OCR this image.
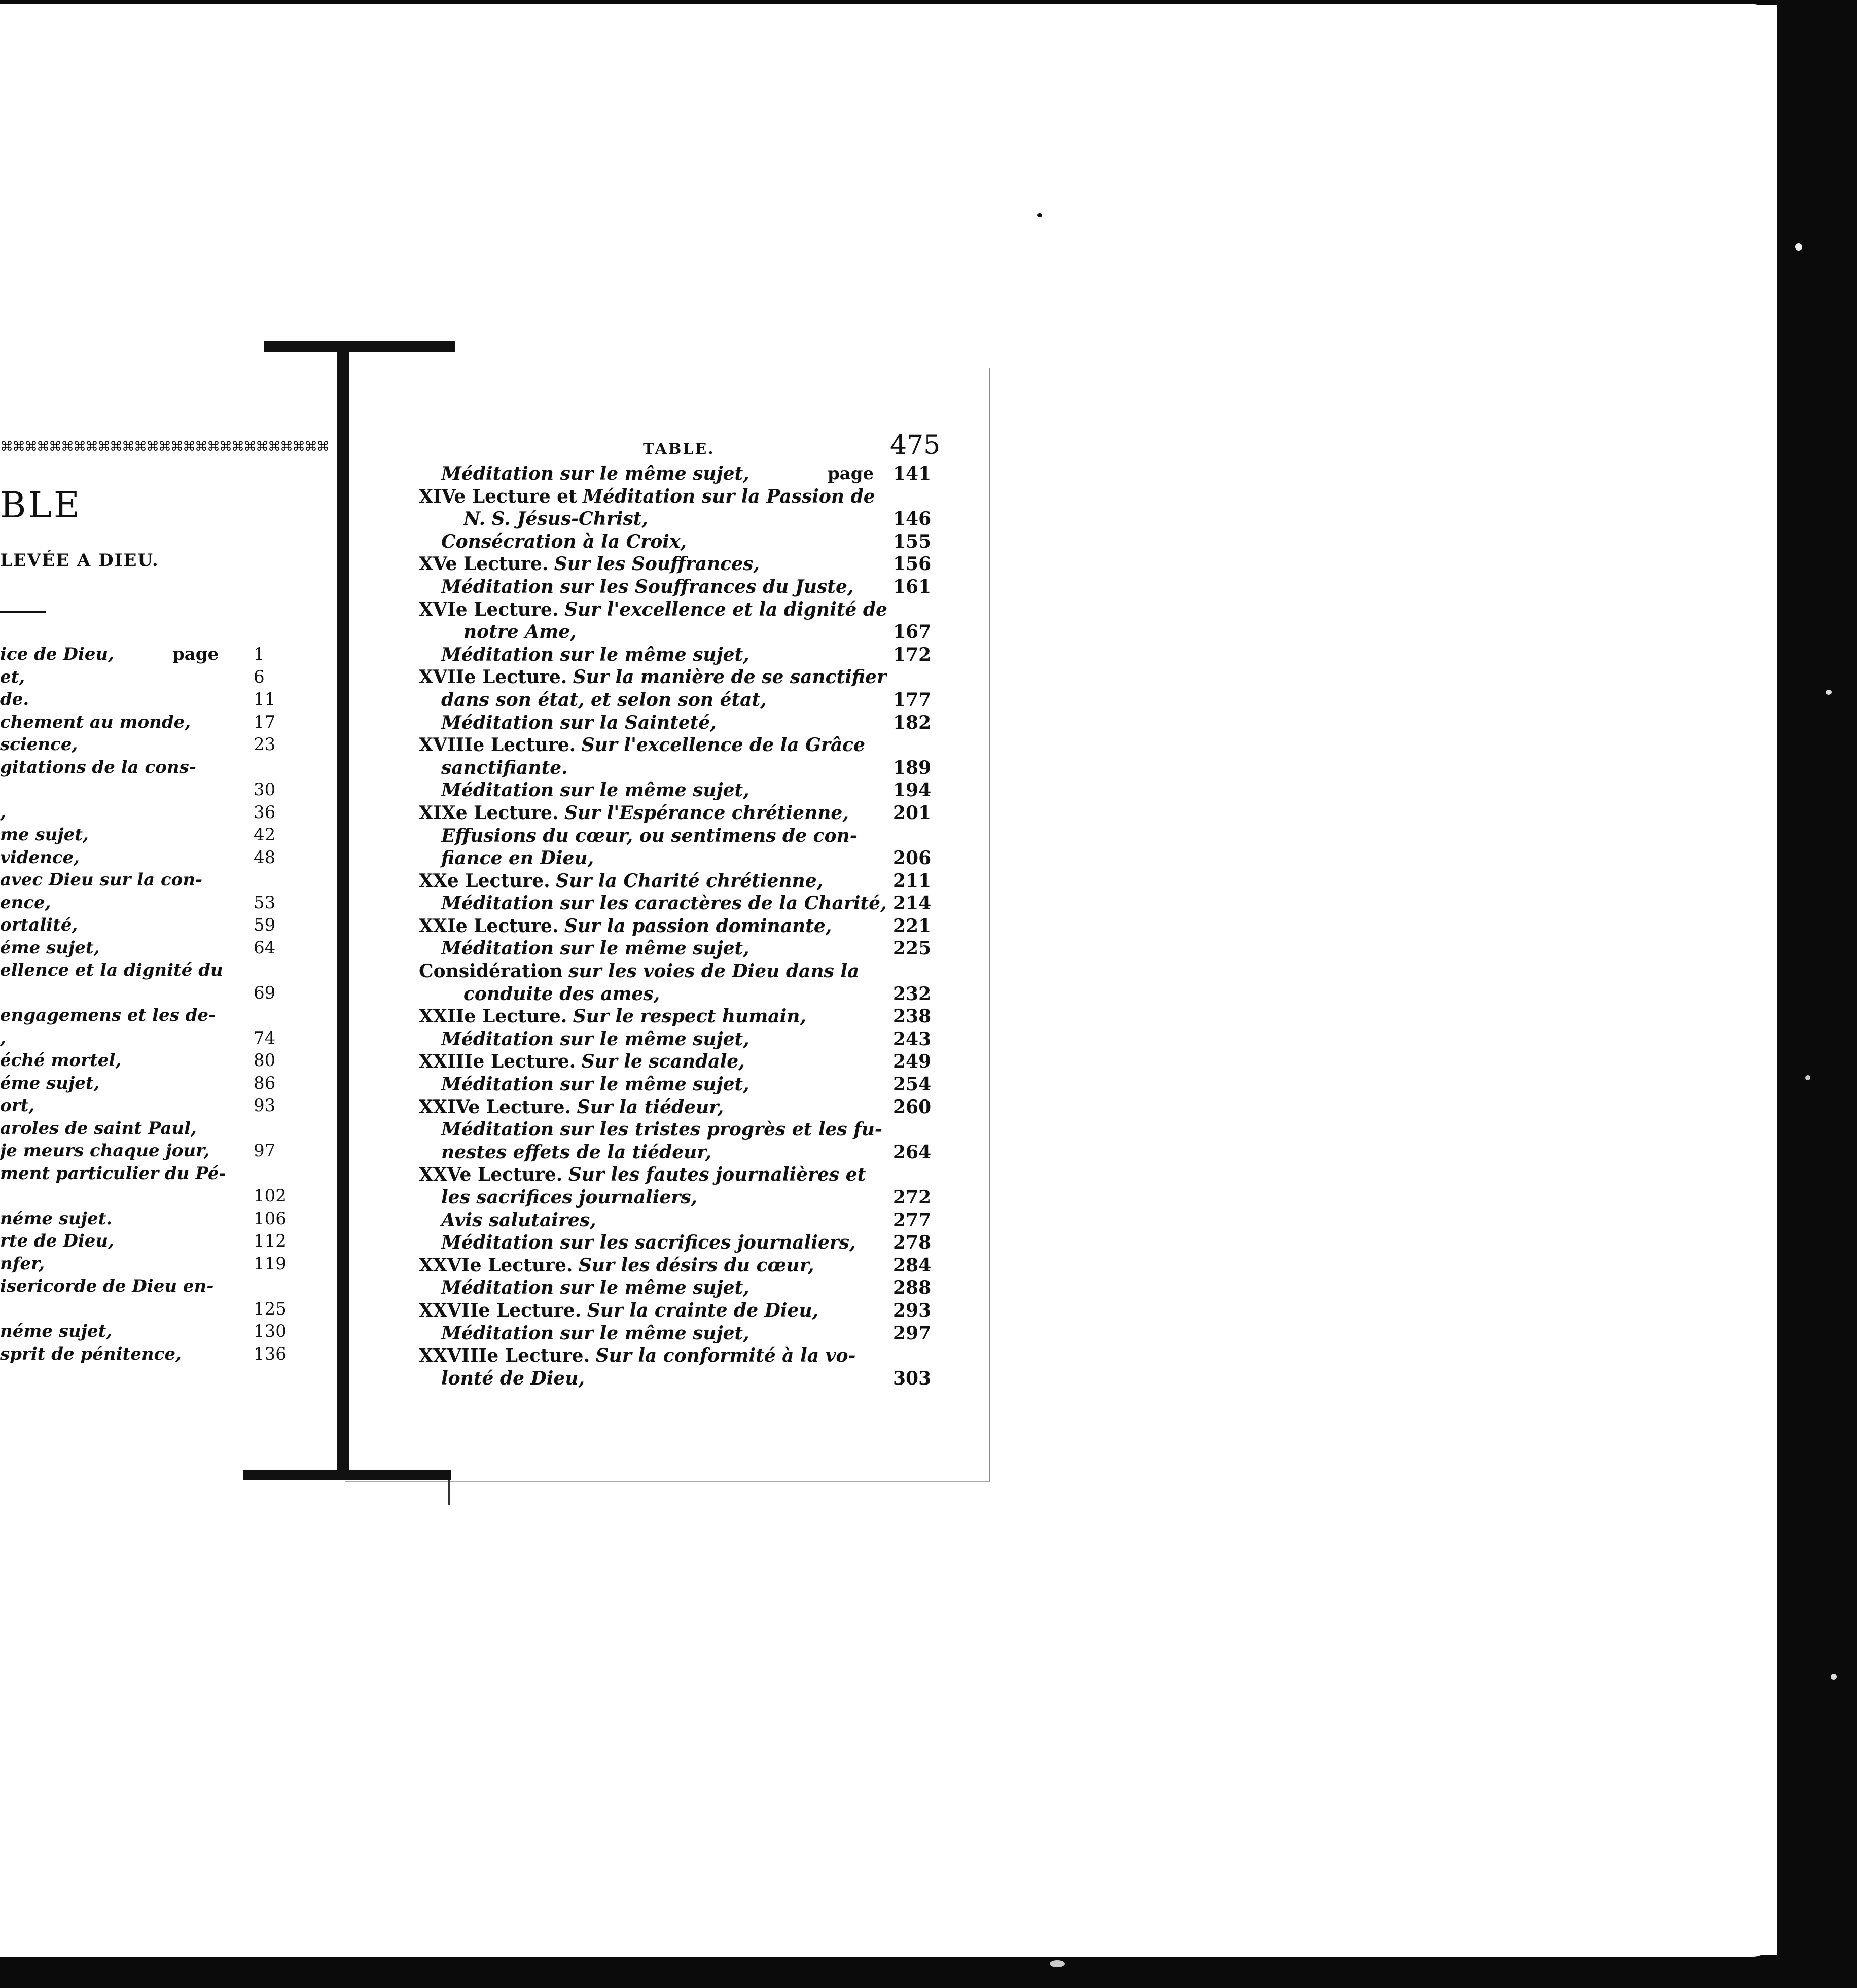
⌘⌘⌘⌘⌘⌘⌘⌘⌘⌘⌘⌘⌘⌘⌘⌘⌘⌘⌘⌘⌘⌘⌘⌘⌘⌘⌘
BLE
LEVÉE A DIEU.
ice de Dieu,	page 1
et,	6
de.	11
chement au monde,	17
science,	23
gitations de la cons-
30
,	36
me sujet,	42
vidence,	48
avec Dieu sur la con-
ence,	53
ortalité,	59
éme sujet,	64
ellence et la dignité du
69
engagemens et les de-
,	74
éché mortel,	80
éme sujet,	86
ort,	93
aroles de saint Paul,
je meurs chaque jour,	97
ment particulier du Pé-
102
néme sujet.	106
rte de Dieu,	112
nfer,	119
isericorde de Dieu en-
125
néme sujet,	130
sprit de pénitence,	136
TABLE.	475
Méditation sur le même sujet,	page 141
XIVe Lecture et Méditation sur la Passion de
N. S. Jésus-Christ,	146
Consécration à la Croix,	155
XVe Lecture. Sur les Souffrances,	156
Méditation sur les Souffrances du Juste, 161
XVIe Lecture. Sur l'excellence et la dignité de
notre Ame,	167
Méditation sur le même sujet,	172
XVIIe Lecture. Sur la manière de se sanctifier
dans son état, et selon son état,	177
Méditation sur la Sainteté,	182
XVIIIe Lecture. Sur l'excellence de la Grâce
sanctifiante.	189
Méditation sur le même sujet,	194
XIXe Lecture. Sur l'Espérance chrétienne, 201
Effusions du cœur, ou sentimens de con-
fiance en Dieu,	206
XXe Lecture. Sur la Charité chrétienne,	211
Méditation sur les caractères de la Charité, 214
XXIe Lecture. Sur la passion dominante,	221
Méditation sur le même sujet,	225
Considération sur les voies de Dieu dans la
conduite des ames,	232
XXIIe Lecture. Sur le respect humain,	238
Méditation sur le même sujet,	243
XXIIIe Lecture. Sur le scandale,	249
Méditation sur le même sujet,	254
XXIVe Lecture. Sur la tiédeur,	260
Méditation sur les tristes progrès et les fu-
nestes effets de la tiédeur,	264
XXVe Lecture. Sur les fautes journalières et
les sacrifices journaliers,	272
Avis salutaires,	277
Méditation sur les sacrifices journaliers, 278
XXVIe Lecture. Sur les désirs du cœur,	284
Méditation sur le même sujet,	288
XXVIIe Lecture. Sur la crainte de Dieu,	293
Méditation sur le même sujet,	297
XXVIIIe Lecture. Sur la conformité à la vo-
lonté de Dieu,	303
